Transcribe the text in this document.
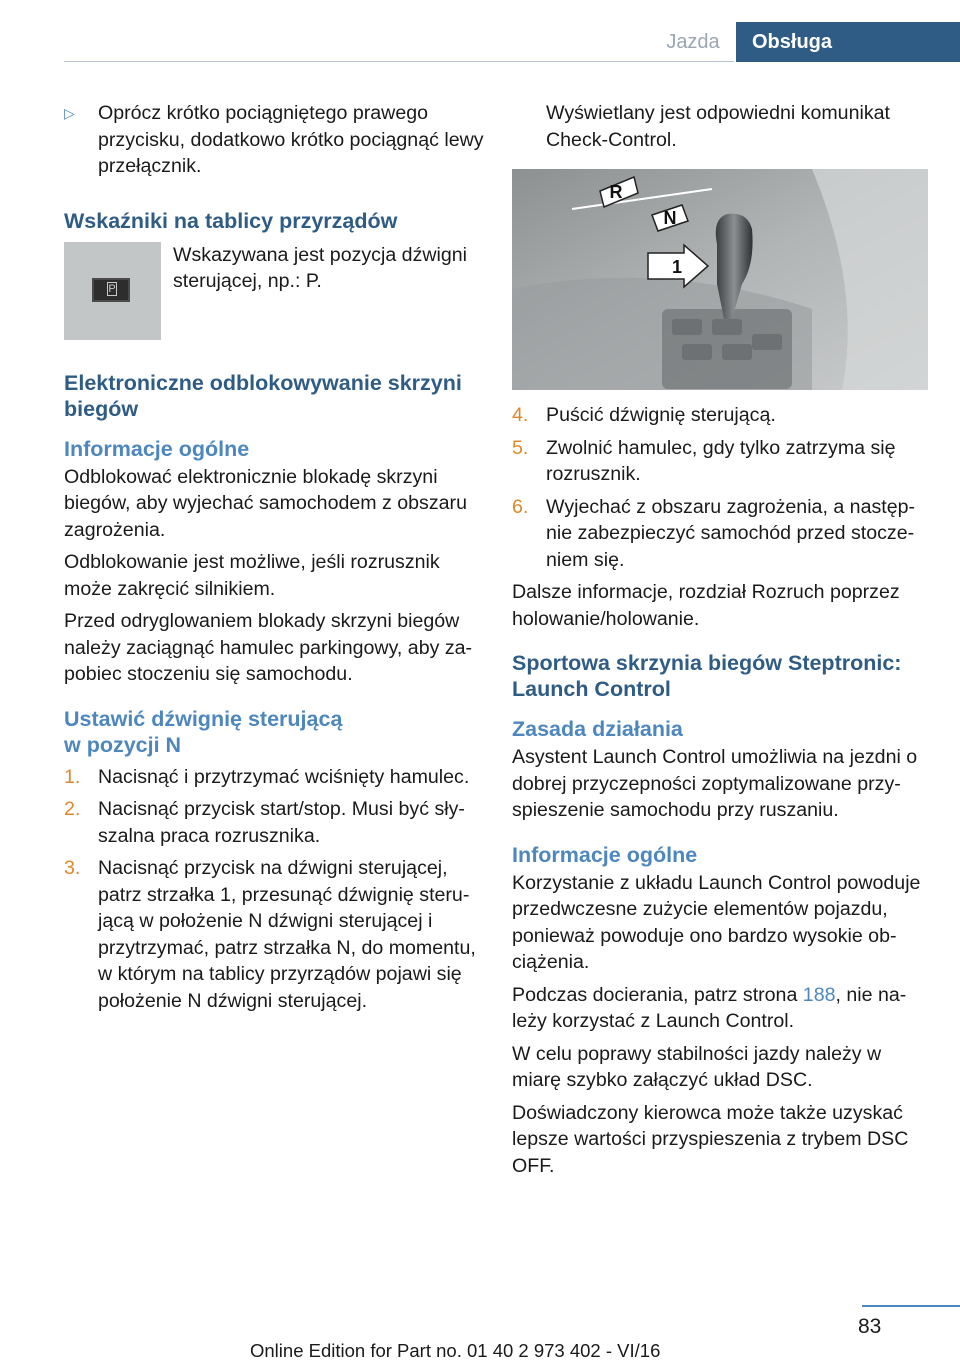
Jazda	Obsługa
▷	Oprócz krótko pociągniętego prawego przycisku, dodatkowo krótko pociągnąć lewy przełącznik.

Wskaźniki na tablicy przyrządów
P

Wskazywana jest pozycja dźwigni sterującej, np.: P.

Elektroniczne odblokowywanie skrzyni biegów
Informacje ogólne

Odblokować elektronicznie blokadę skrzyni biegów, aby wyjechać samochodem z obszaru zagrożenia.

Odblokowanie jest możliwe, jeśli rozrusznik może zakręcić silnikiem.

Przed odryglowaniem blokady skrzyni biegów należy zaciągnąć hamulec parkingowy, aby za‐pobiec stoczeniu się samochodu.

Ustawić dźwignię sterującą w pozycji N
1. Nacisnąć i przytrzymać wciśnięty hamulec.

2. Nacisnąć przycisk start/stop. Musi być sły‐szalna praca rozrusznika.

3. Nacisnąć przycisk na dźwigni sterującej, patrz strzałka 1, przesunąć dźwignię steru‐jącą w położenie N dźwigni sterującej i przytrzymać, patrz strzałka N, do momentu, w którym na tablicy przyrządów pojawi się położenie N dźwigni sterującej.

Wyświetlany jest odpowiedni komunikat Check-Control.

R
N
1
4. Puścić dźwignię sterującą.

5. Zwolnić hamulec, gdy tylko zatrzyma się rozrusznik.

6. Wyjechać z obszaru zagrożenia, a następ‐nie zabezpieczyć samochód przed stocze‐niem się.

Dalsze informacje, rozdział Rozruch poprzez holowanie/holowanie.

Sportowa skrzynia biegów Steptronic: Launch Control
Zasada działania

Asystent Launch Control umożliwia na jezdni o dobrej przyczepności zoptymalizowane przy‐spieszenie samochodu przy ruszaniu.

Informacje ogólne

Korzystanie z układu Launch Control powoduje przedwczesne zużycie elementów pojazdu, ponieważ powoduje ono bardzo wysokie ob‐ciążenia.

Podczas docierania, patrz strona 188, nie na‐leży korzystać z Launch Control.

W celu poprawy stabilności jazdy należy w miarę szybko załączyć układ DSC.

Doświadczony kierowca może także uzyskać lepsze wartości przyspieszenia z trybem DSC OFF.

83
Online Edition for Part no. 01 40 2 973 402 - VI/16
